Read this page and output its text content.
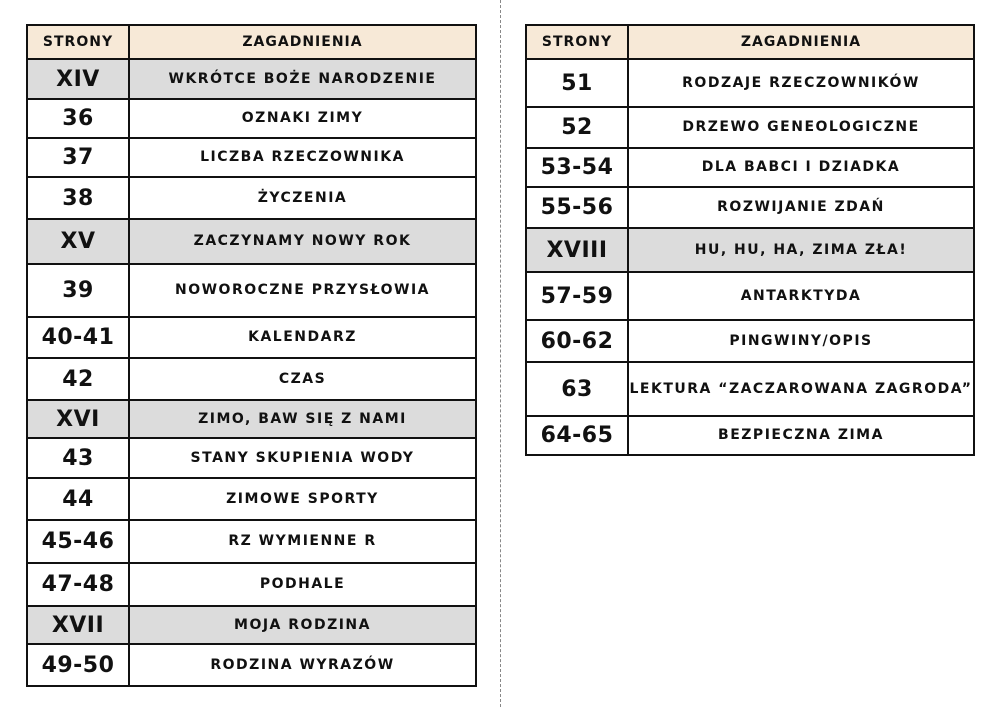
STRONY	ZAGADNIENIA
XIV	WKRÓTCE BOŻE NARODZENIE
36	OZNAKI ZIMY
37	LICZBA RZECZOWNIKA
38	ŻYCZENIA
XV	ZACZYNAMY NOWY ROK
39	NOWOROCZNE PRZYSŁOWIA
40-41	KALENDARZ
42	CZAS
XVI	ZIMO, BAW SIĘ Z NAMI
43	STANY SKUPIENIA WODY
44	ZIMOWE SPORTY
45-46	RZ WYMIENNE R
47-48	PODHALE
XVII	MOJA RODZINA
49-50	RODZINA WYRAZÓW
STRONY	ZAGADNIENIA
51	RODZAJE RZECZOWNIKÓW
52	DRZEWO GENEOLOGICZNE
53-54	DLA BABCI I DZIADKA
55-56	ROZWIJANIE ZDAŃ
XVIII	HU, HU, HA, ZIMA ZŁA!
57-59	ANTARKTYDA
60-62	PINGWINY/OPIS
63	LEKTURA “ZACZAROWANA ZAGRODA”
64-65	BEZPIECZNA ZIMA
